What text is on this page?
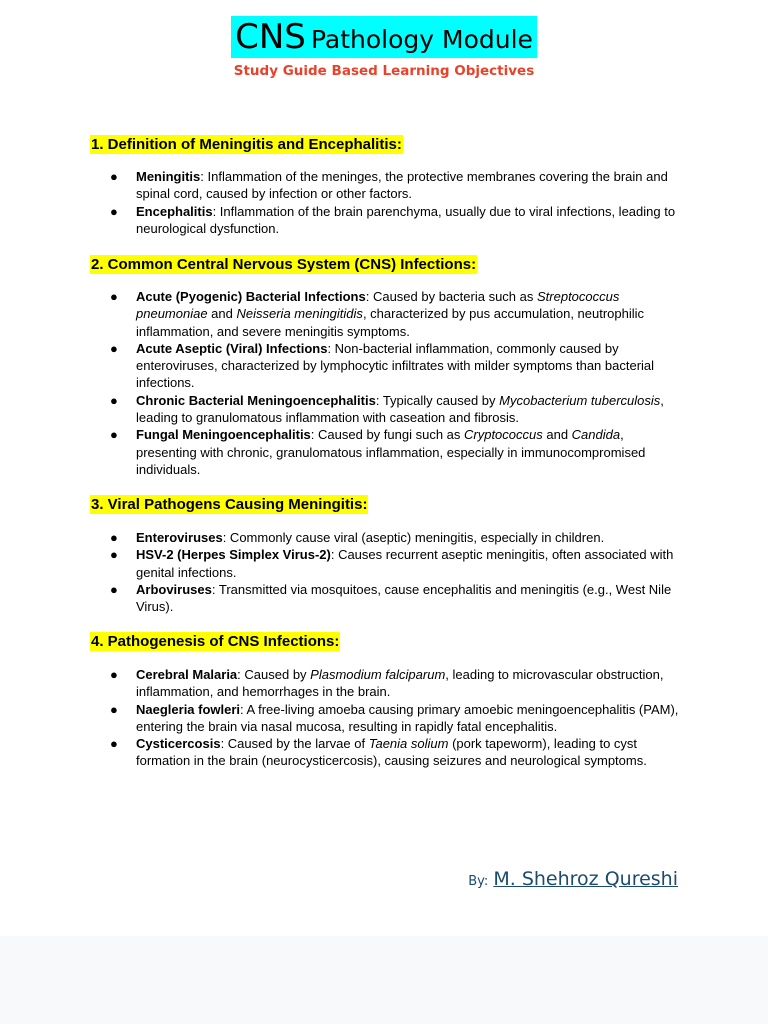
CNS Pathology Module
Study Guide Based Learning Objectives
1. Definition of Meningitis and Encephalitis:
● Meningitis: Inflammation of the meninges, the protective membranes covering the brain and spinal cord, caused by infection or other factors.
● Encephalitis: Inflammation of the brain parenchyma, usually due to viral infections, leading to neurological dysfunction.
2. Common Central Nervous System (CNS) Infections:
● Acute (Pyogenic) Bacterial Infections: Caused by bacteria such as Streptococcus pneumoniae and Neisseria meningitidis, characterized by pus accumulation, neutrophilic inflammation, and severe meningitis symptoms.
● Acute Aseptic (Viral) Infections: Non-bacterial inflammation, commonly caused by enteroviruses, characterized by lymphocytic infiltrates with milder symptoms than bacterial infections.
● Chronic Bacterial Meningoencephalitis: Typically caused by Mycobacterium tuberculosis, leading to granulomatous inflammation with caseation and fibrosis.
● Fungal Meningoencephalitis: Caused by fungi such as Cryptococcus and Candida, presenting with chronic, granulomatous inflammation, especially in immunocompromised individuals.
3. Viral Pathogens Causing Meningitis:
● Enteroviruses: Commonly cause viral (aseptic) meningitis, especially in children.
● HSV-2 (Herpes Simplex Virus-2): Causes recurrent aseptic meningitis, often associated with genital infections.
● Arboviruses: Transmitted via mosquitoes, cause encephalitis and meningitis (e.g., West Nile Virus).
4. Pathogenesis of CNS Infections:
● Cerebral Malaria: Caused by Plasmodium falciparum, leading to microvascular obstruction, inflammation, and hemorrhages in the brain.
● Naegleria fowleri: A free-living amoeba causing primary amoebic meningoencephalitis (PAM), entering the brain via nasal mucosa, resulting in rapidly fatal encephalitis.
● Cysticercosis: Caused by the larvae of Taenia solium (pork tapeworm), leading to cyst formation in the brain (neurocysticercosis), causing seizures and neurological symptoms.
By: M. Shehroz Qureshi
